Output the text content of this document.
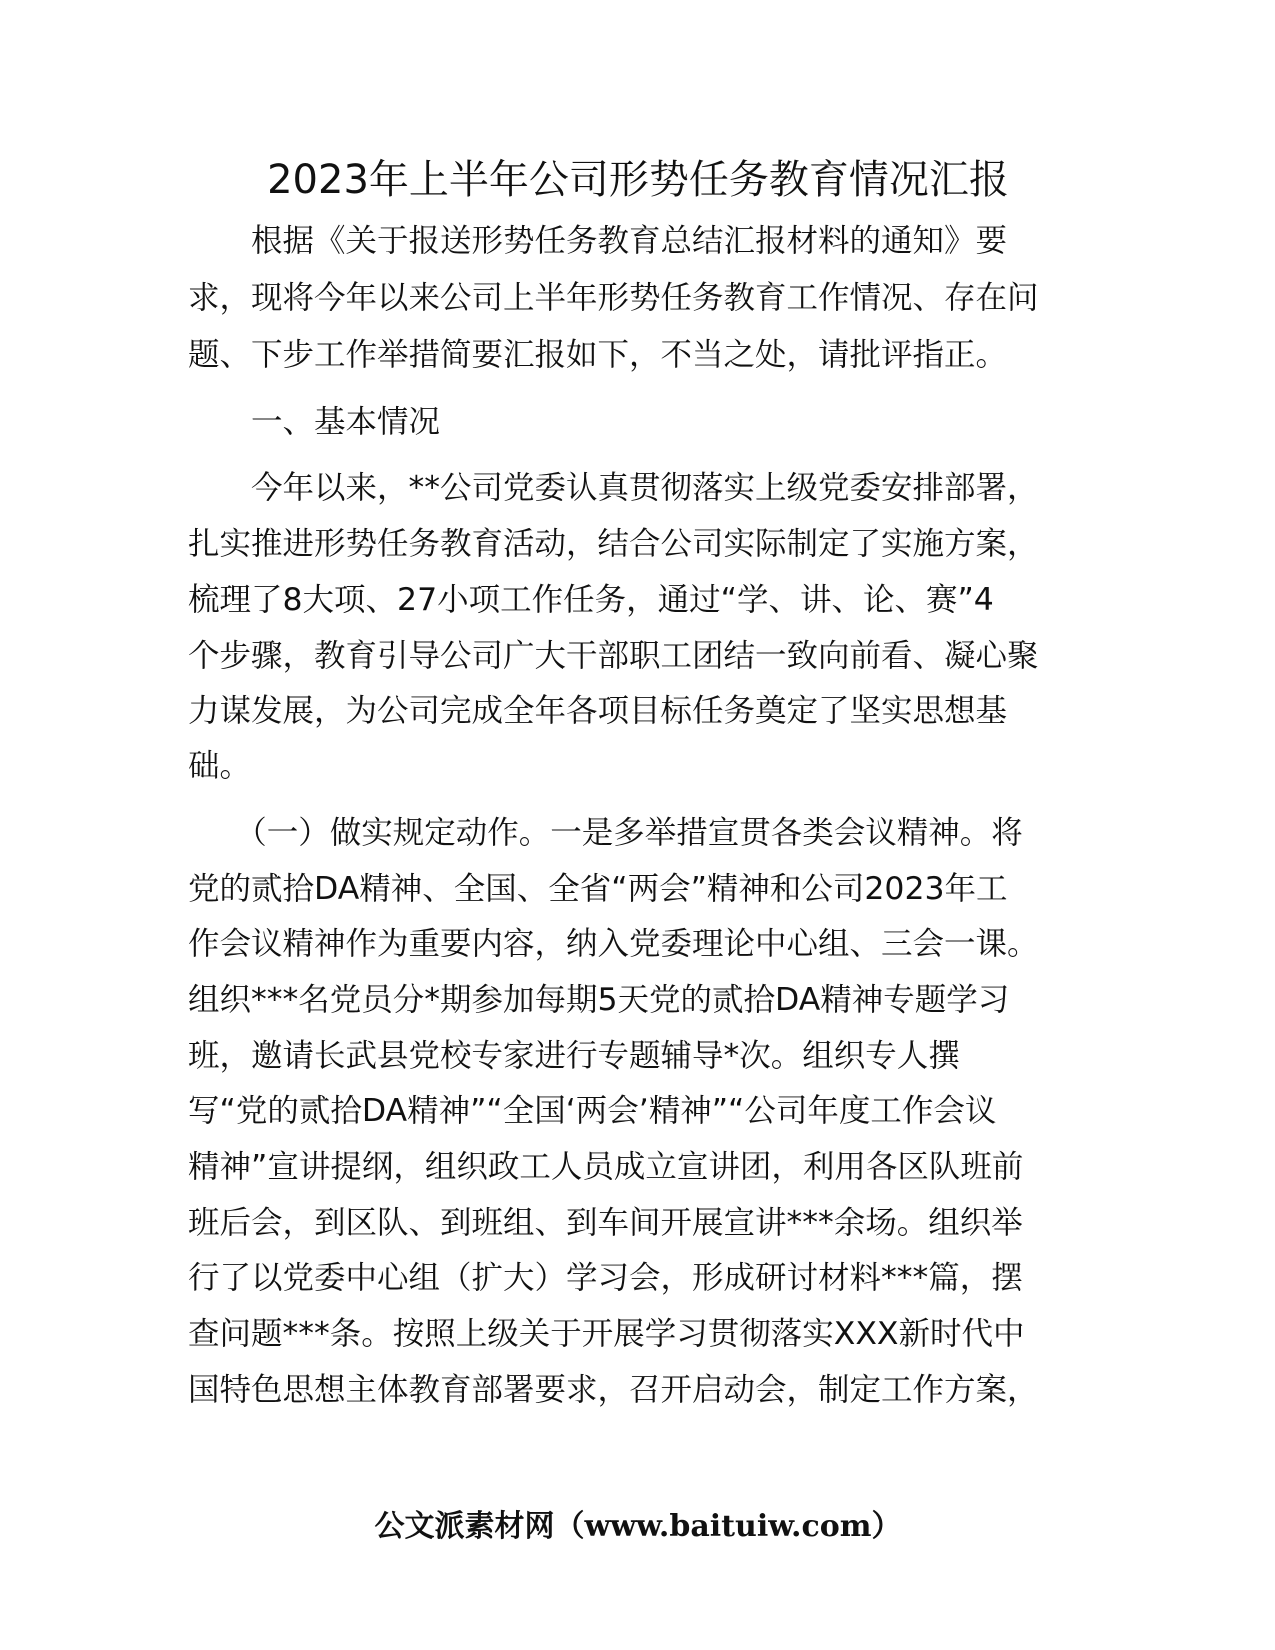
2023年上半年公司形势任务教育情况汇报
　　根据《关于报送形势任务教育总结汇报材料的通知》要
求，现将今年以来公司上半年形势任务教育工作情况、存在问
题、下步工作举措简要汇报如下，不当之处，请批评指正。
　　一、基本情况
　　今年以来，**公司党委认真贯彻落实上级党委安排部署，
扎实推进形势任务教育活动，结合公司实际制定了实施方案，
梳理了8大项、27小项工作任务，通过“学、讲、论、赛”4
个步骤，教育引导公司广大干部职工团结一致向前看、凝心聚
力谋发展，为公司完成全年各项目标任务奠定了坚实思想基
础。
　　（一）做实规定动作。一是多举措宣贯各类会议精神。将
党的贰拾DA精神、全国、全省“两会”精神和公司2023年工
作会议精神作为重要内容，纳入党委理论中心组、三会一课。
组织***名党员分*期参加每期5天党的贰拾DA精神专题学习
班，邀请长武县党校专家进行专题辅导*次。组织专人撰
写“党的贰拾DA精神”“全国‘两会’精神”“公司年度工作会议
精神”宣讲提纲，组织政工人员成立宣讲团，利用各区队班前
班后会，到区队、到班组、到车间开展宣讲***余场。组织举
行了以党委中心组（扩大）学习会，形成研讨材料***篇，摆
查问题***条。按照上级关于开展学习贯彻落实XXX新时代中
国特色思想主体教育部署要求，召开启动会，制定工作方案，
公文派素材网（www.baituiw.com）
